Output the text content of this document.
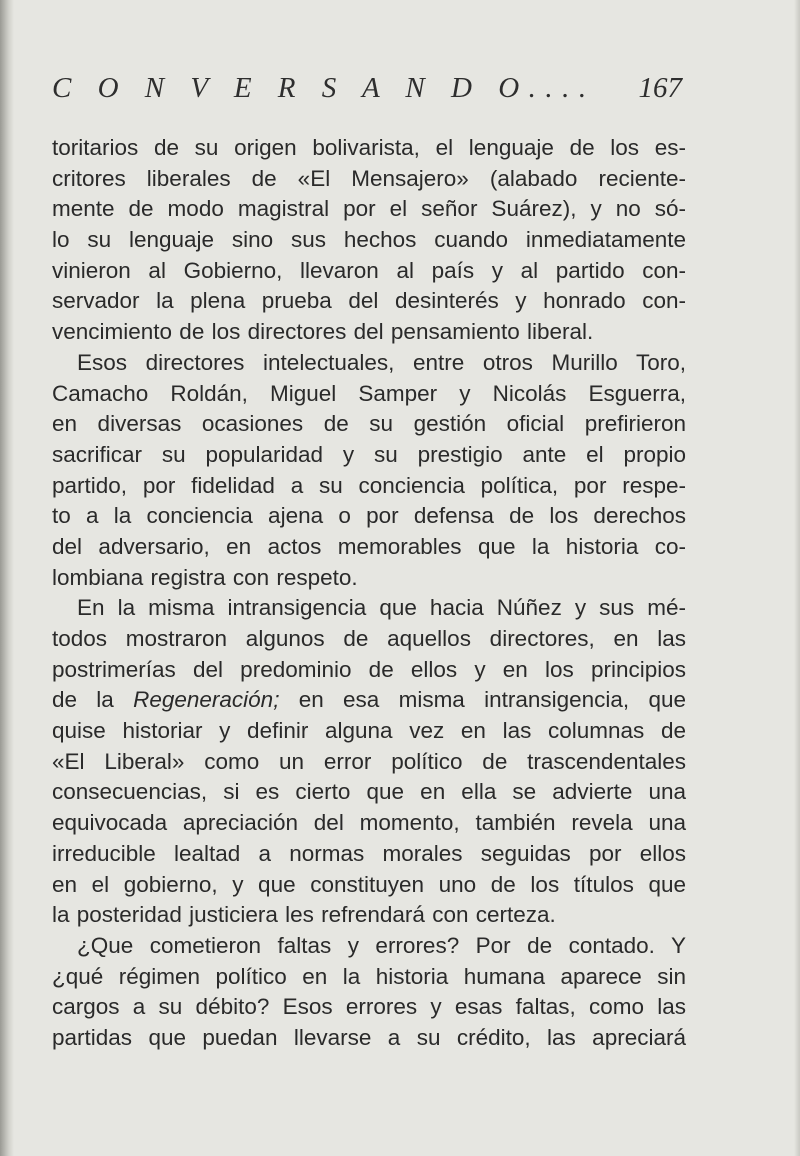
C O N V E R S A N D O.... 167
toritarios de su origen bolivarista, el lenguaje de los es-
critores liberales de «El Mensajero» (alabado reciente-
mente de modo magistral por el señor Suárez), y no só-
lo su lenguaje sino sus hechos cuando inmediatamente
vinieron al Gobierno, llevaron al país y al partido con-
servador la plena prueba del desinterés y honrado con-
vencimiento de los directores del pensamiento liberal.
Esos directores intelectuales, entre otros Murillo Toro,
Camacho Roldán, Miguel Samper y Nicolás Esguerra,
en diversas ocasiones de su gestión oficial prefirieron
sacrificar su popularidad y su prestigio ante el propio
partido, por fidelidad a su conciencia política, por respe-
to a la conciencia ajena o por defensa de los derechos
del adversario, en actos memorables que la historia co-
lombiana registra con respeto.
En la misma intransigencia que hacia Núñez y sus mé-
todos mostraron algunos de aquellos directores, en las
postrimerías del predominio de ellos y en los principios
de la Regeneración; en esa misma intransigencia, que
quise historiar y definir alguna vez en las columnas de
«El Liberal» como un error político de trascendentales
consecuencias, si es cierto que en ella se advierte una
equivocada apreciación del momento, también revela una
irreducible lealtad a normas morales seguidas por ellos
en el gobierno, y que constituyen uno de los títulos que
la posteridad justiciera les refrendará con certeza.
¿Que cometieron faltas y errores? Por de contado. Y
¿qué régimen político en la historia humana aparece sin
cargos a su débito? Esos errores y esas faltas, como las
partidas que puedan llevarse a su crédito, las apreciará
